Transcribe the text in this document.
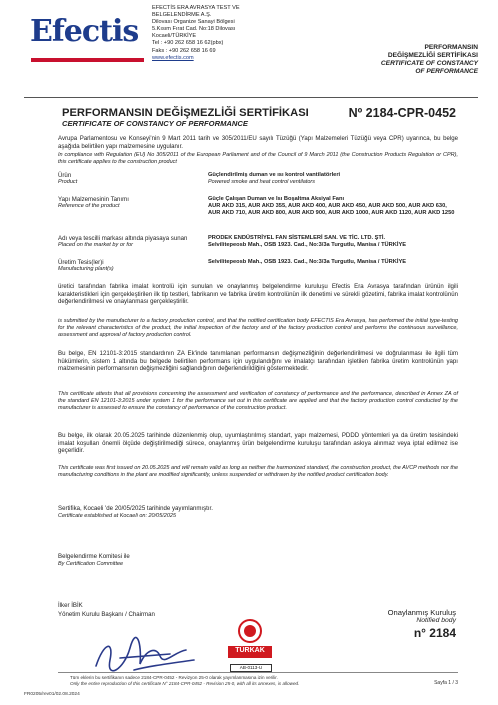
Efectis
EFECTİS ERA AVRASYA TEST VE
BELGELENDİRME A.Ş.
Dilovası Organize Sanayi Bölgesi
5.Kısım Fırat Cad. No:18 Dilovası
Kocaeli/TÜRKİYE
Tel : +90 262 658 16 62(pbx)
Faks : +90 262 658 16 69
www.efectis.com
PERFORMANSIN
DEĞİŞMEZLİĞİ SERTİFİKASI
CERTIFICATE OF CONSTANCY
OF PERFORMANCE
PERFORMANSIN DEĞİŞMEZLİĞİ SERTİFİKASI
CERTIFICATE OF CONSTANCY OF PERFORMANCE
Nº 2184-CPR-0452
Avrupa Parlamentosu ve Konseyi'nin 9 Mart 2011 tarih ve 305/2011/EU sayılı Tüzüğü (Yapı Malzemeleri Tüzüğü veya CPR) uyarınca, bu belge aşağıda belirtilen yapı malzemesine uygulanır.
In compliance with Regulation (EU) No 305/2011 of the European Parliament and of the Council of 9 March 2011 (the Construction Products Regulation or CPR), this certificate applies to the construction product
Ürün
Product
Güçlendirilmiş duman ve ısı kontrol vantilatörleri
Powered smoke and heat control ventilators
Yapı Malzemesinin Tanımı
Reference of the product
Güçle Çalışan Duman ve Isı Boşaltma Aksiyal Fanı
AUR AKD 315, AUR AKD 355, AUR AKD 400, AUR AKD 450, AUR AKD 500, AUR AKD 630,
AUR AKD 710, AUR AKD 800, AUR AKD 900, AUR AKD 1000, AUR AKD 1120, AUR AKD 1250
Adı veya tescilli markası altında piyasaya sunan
Placed on the market by or for
PRODEK ENDÜSTRİYEL FAN SİSTEMLERİ SAN. VE TİC. LTD. ŞTİ.
Selvilitepeosb Mah., OSB 1923. Cad., No:3/3a Turgutlu, Manisa / TÜRKİYE
Üretim Tesis(ler)i
Manufacturing plant(s)
Selvilitepeosb Mah., OSB 1923. Cad., No:3/3a Turgutlu, Manisa / TÜRKİYE
üretici tarafından fabrika imalat kontrolü için sunulan ve onaylanmış belgelendirme kuruluşu Efectis Era Avrasya tarafından ürünün ilgili karakteristikleri için gerçekleştirilen ilk tip testleri, fabrikanın ve fabrika üretim kontrolünün ilk denetimi ve sürekli gözetimi, fabrika imalat kontrolünün değerlendirilmesi ve onaylanması gerçekleştirilir.
is submitted by the manufacturer to a factory production control, and that the notified certification body EFECTIS Era Avrasya, has performed the initial type-testing for the relevant characteristics of the product, the initial inspection of the factory and of the factory production control and performs the continuous surveillance, assessment and approval of factory production control.
Bu belge, EN 12101-3:2015 standardının ZA Ek'inde tanımlanan performansın değişmezliğinin değerlendirilmesi ve doğrulanması ile ilgili tüm hükümlerin, sistem 1 altında bu belgede belirtilen performans için uygulandığını ve imalatçı tarafından işletilen fabrika üretim kontrolünün yapı malzemesinin performansının değişmezliğini sağlandığının değerlendirildiğini göstermektedir.
This certificate attests that all provisions concerning the assessment and verification of constancy of performance and the performance, described in Annex ZA of the standard EN 12101-3:2015 under system 1 for the performance set out in this certificate are applied and that the factory production control conducted by the manufacturer is assessed to ensure the constancy of performance of the construction product.
Bu belge, ilk olarak 20.05.2025 tarihinde düzenlenmiş olup, uyumlaştırılmış standart, yapı malzemesi, PDDD yöntemleri ya da üretim tesisindeki imalat koşulları önemli ölçüde değiştirilmediği sürece, onaylanmış ürün belgelendirme kuruluşu tarafından askıya alınmaz veya iptal edilmez ise geçerlidir.
This certificate was first issued on 20.05.2025 and will remain valid as long as neither the harmonized standard, the construction product, the AVCP methods nor the manufacturing conditions in the plant are modified significantly, unless suspended or withdrawn by the notified product certification body.
Sertifika, Kocaeli 'de 20/05/2025 tarihinde yayımlanmıştır.
Certificate established at Kocaeli on: 20/05/2025
Belgelendirme Komitesi ile
By Certification Committee
İlker İBİK
Yönetim Kurulu Başkanı / Chairman
TÜRKAK
AB-0113-U
Onaylanmış Kuruluş
Notified body
n° 2184
Tüm eklerin bu sertifikanın sadece 2184-CPR-0452 - Revizyon 25-0 olarak yayımlanmasına izin verilir.
Only the entire reproduction of this certificate N° 2184-CPR-0452 - Revision 25-0, with all its annexes, is allowed.	Sayfa 1 / 3
FR0205/rev01/02.08.2024
